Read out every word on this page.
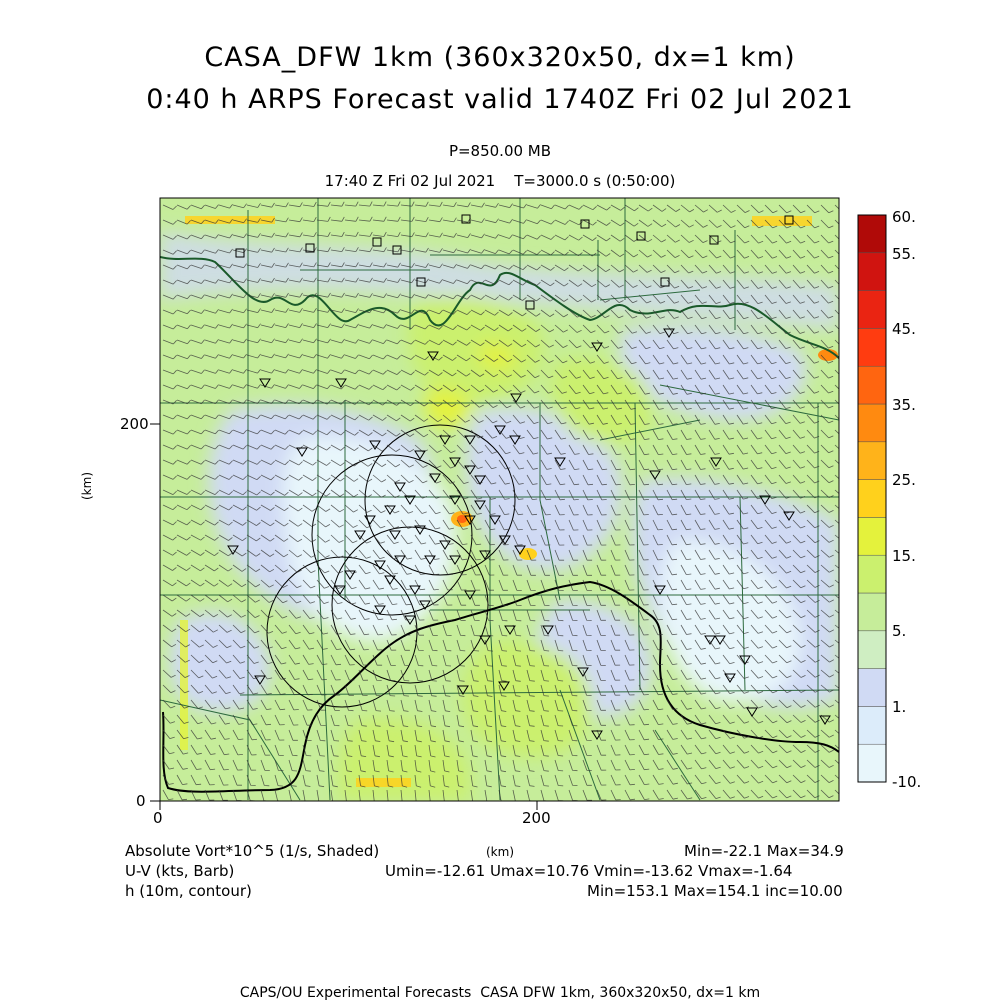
CASA_DFW 1km (360x320x50, dx=1 km)
0:40 h ARPS Forecast valid 1740Z Fri 02 Jul 2021
P=850.00 MB
17:40 Z Fri 02 Jul 2021    T=3000.0 s (0:50:00)
0	200
0
200
(km)
(km)
60.
55.
45.
35.
25.
15.
5.
1.
-10.
Absolute Vort*10^5 (1/s, Shaded)	Min=-22.1 Max=34.9
U-V (kts, Barb)	Umin=-12.61 Umax=10.76 Vmin=-13.62 Vmax=-1.64
h (10m, contour)	Min=153.1 Max=154.1 inc=10.00
CAPS/OU Experimental Forecasts  CASA DFW 1km, 360x320x50, dx=1 km
